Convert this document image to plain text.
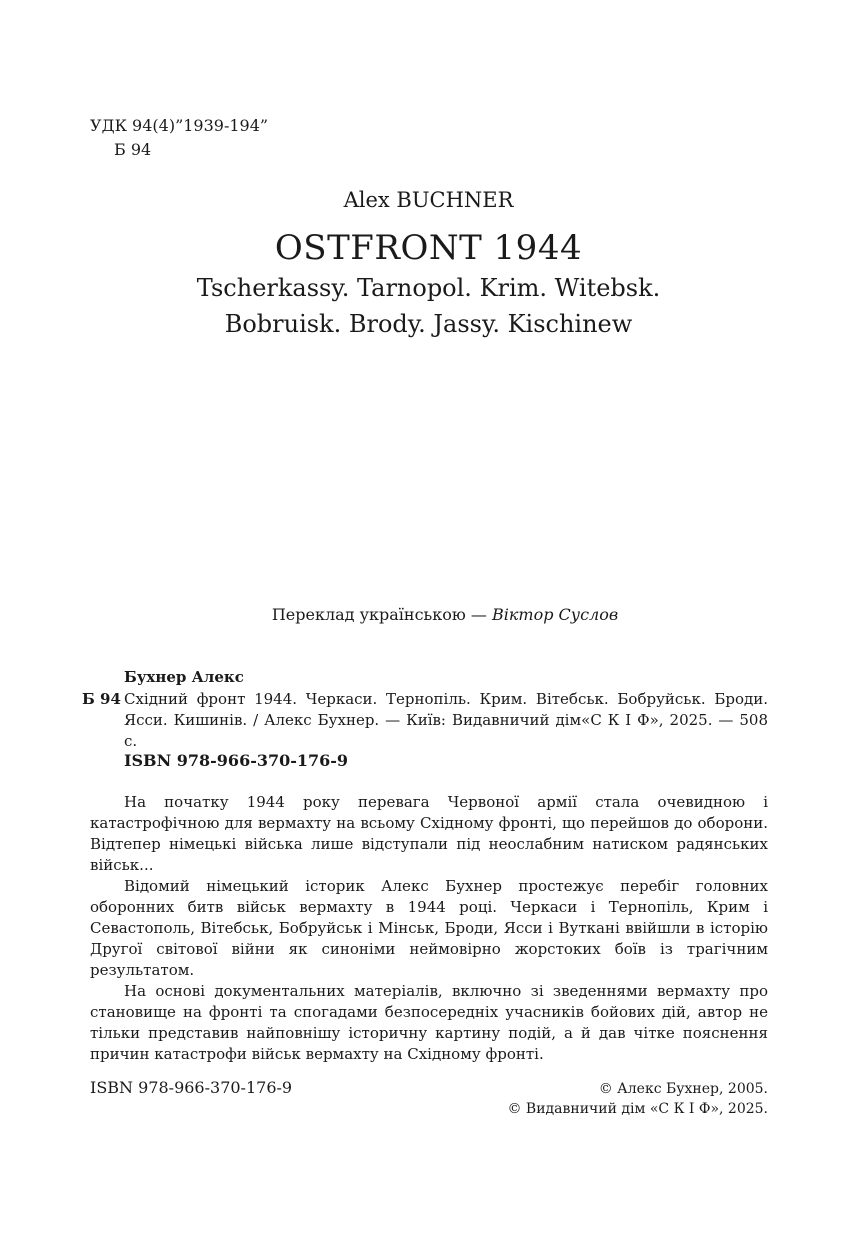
УДК 94(4)”1939-194”
Б 94
Alex BUCHNER
OSTFRONT 1944
Tscherkassy. Tarnopol. Krim. Witebsk.
Bobruisk. Brody. Jassy. Kischinew
Переклад українською — Віктор Суслов
Бухнер Алекс
Б 94 Східний фронт 1944. Черкаси. Тернопіль. Крим. Вітебськ. Бобруйськ. Броди. Ясси. Кишинів. / Алекс Бухнер. — Київ: Видавничий дім«С К І Ф», 2025. — 508 с.
ISBN 978-966-370-176-9

На початку 1944 року перевага Червоної армії стала очевидною і катастрофічною для вермахту на всьому Східному фронті, що перейшов до оборони. Відтепер німецькі війська лише відступали під неослабним натиском радянських військ...

Відомий німецький історик Алекс Бухнер простежує перебіг головних оборонних битв військ вермахту в 1944 році. Черкаси і Тернопіль, Крим і Севастополь, Вітебськ, Бобруйськ і Мінськ, Броди, Ясси і Вуткані ввійшли в історію Другої світової війни як синоніми неймовірно жорстоких боїв із трагічним результатом.

На основі документальних матеріалів, включно зі зведеннями вермахту про становище на фронті та спогадами безпосередніх учасників бойових дій, автор не тільки представив найповнішу історичну картину подій, а й дав чітке пояснення причин катастрофи військ вермахту на Східному фронті.

ISBN 978-966-370-176-9	© Алекс Бухнер, 2005.
© Видавничий дім «С К І Ф», 2025.
